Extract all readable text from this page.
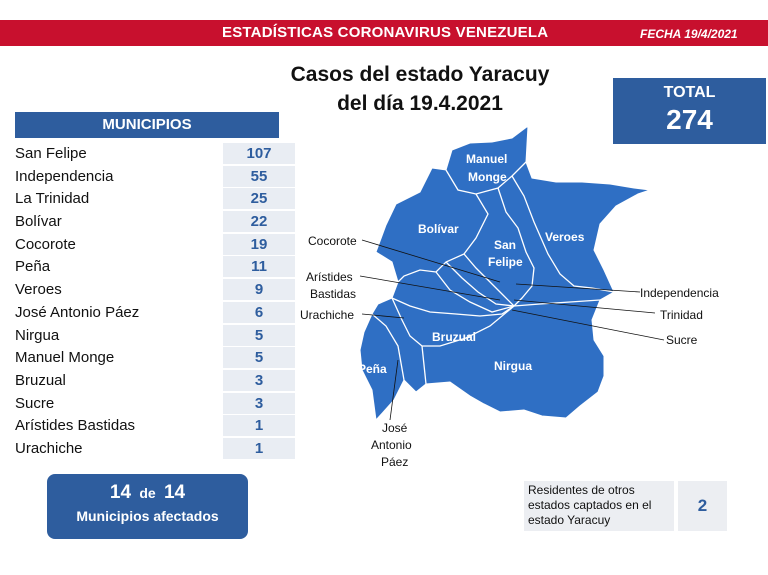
ESTADÍSTICAS CORONAVIRUS VENEZUELA	FECHA 19/4/2021
Casos del estado Yaracuy
del día 19.4.2021	TOTAL
274
MUNICIPIOS
San Felipe	107
Independencia	55
La Trinidad	25
Bolívar	22
Cocorote	19
Peña	11
Veroes	9
José Antonio Páez	6
Nirgua	5
Manuel Monge	5
Bruzual	3
Sucre	3
Arístides Bastidas	1
Urachiche	1
14 de 14
Municipios afectados
Residentes de otros estados captados en el estado Yaracuy
2
Manuel
Monge
Bolívar
San
Felipe
Veroes
Bruzual
Nirgua
Peña
Cocorote
Arístides
Bastidas
Urachiche
Independencia
Trinidad
Sucre
José
Antonio
Páez
